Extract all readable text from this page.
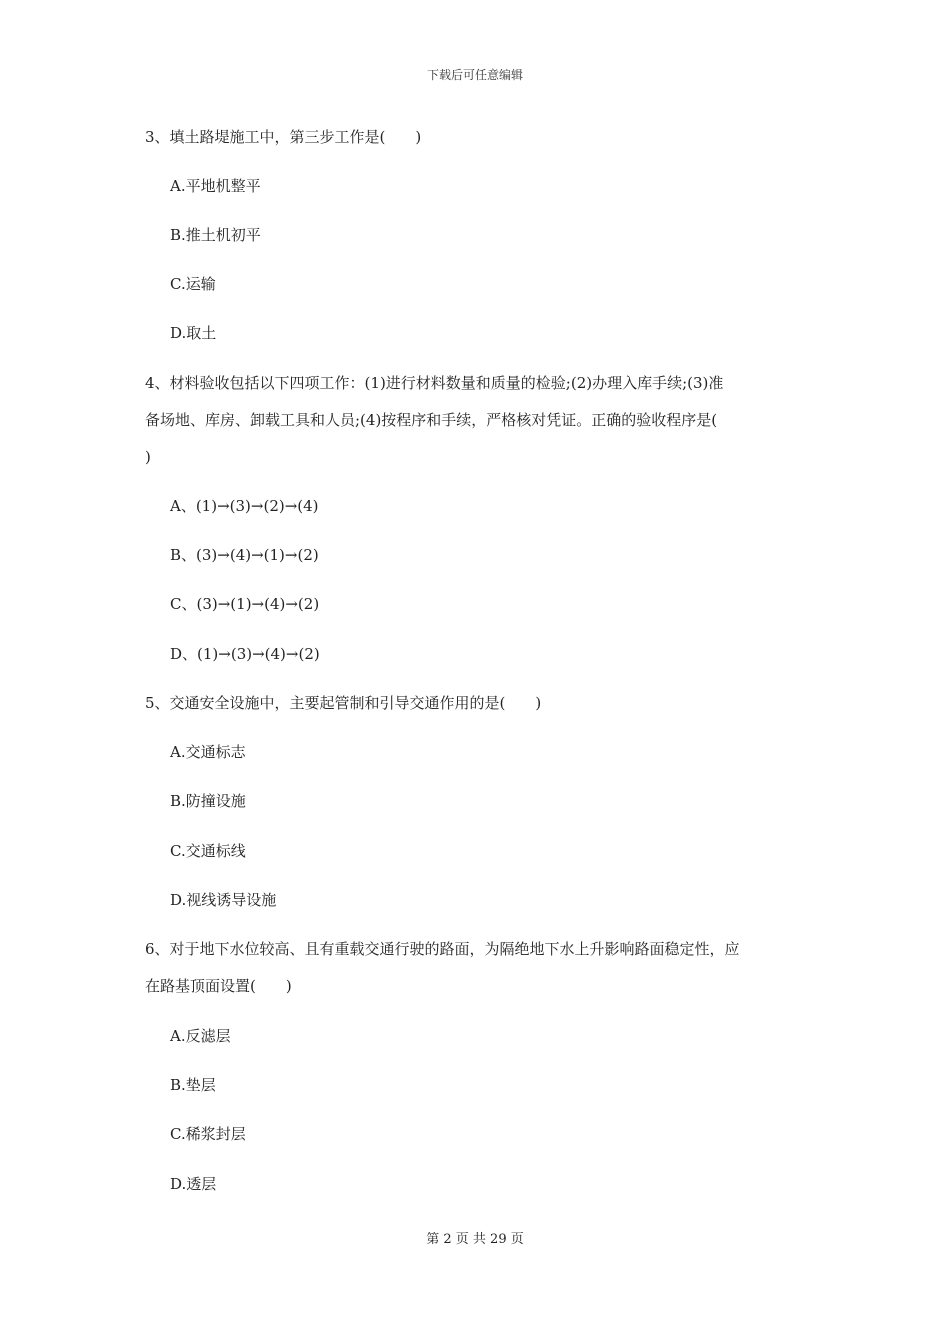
下载后可任意编辑
3、填土路堤施工中，第三步工作是(　　)
A.平地机整平
B.推土机初平
C.运输
D.取土
4、材料验收包括以下四项工作：(1)进行材料数量和质量的检验;(2)办理入库手续;(3)准
备场地、库房、卸载工具和人员;(4)按程序和手续，严格核对凭证。正确的验收程序是(
)
A、(1)→(3)→(2)→(4)
B、(3)→(4)→(1)→(2)
C、(3)→(1)→(4)→(2)
D、(1)→(3)→(4)→(2)
5、交通安全设施中，主要起管制和引导交通作用的是(　　)
A.交通标志
B.防撞设施
C.交通标线
D.视线诱导设施
6、对于地下水位较高、且有重载交通行驶的路面，为隔绝地下水上升影响路面稳定性，应
在路基顶面设置(　　)
A.反滤层
B.垫层
C.稀浆封层
D.透层
第 2 页 共 29 页
